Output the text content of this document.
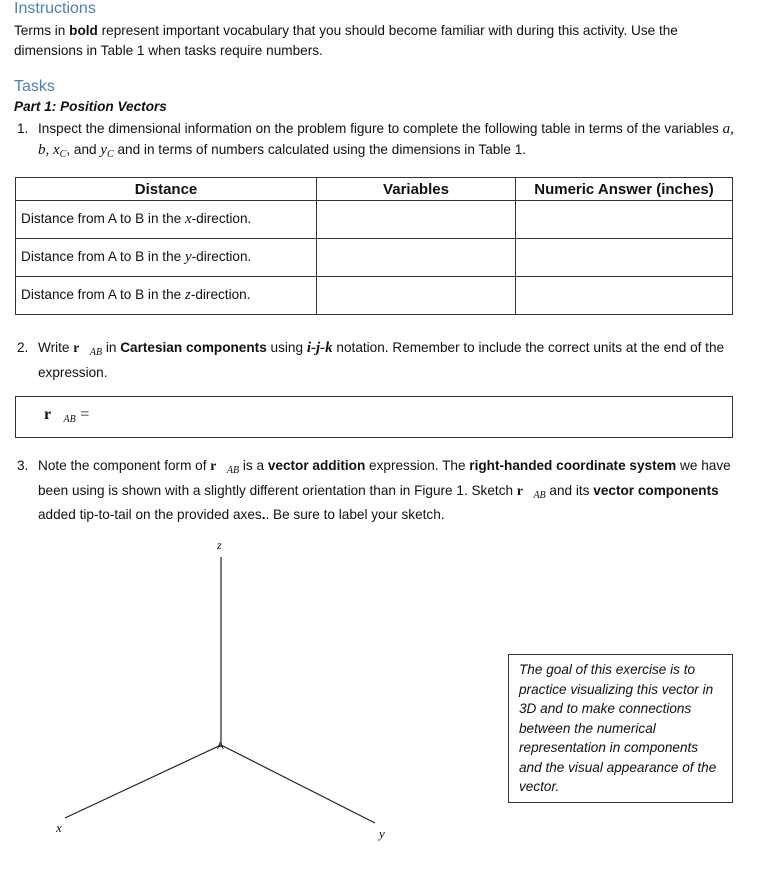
Instructions

Terms in bold represent important vocabulary that you should become familiar with during this activity. Use the dimensions in Table 1 when tasks require numbers.

Tasks

Part 1: Position Vectors

1. Inspect the dimensional information on the problem figure to complete the following table in terms of the variables a, b, $x_C$, and $y_C$ and in terms of numbers calculated using the dimensions in Table 1.

Distance	Variables	Numeric Answer (inches)
Distance from A to B in the x-direction.		
Distance from A to B in the y-direction.		
Distance from A to B in the z-direction.		
2. Write $r⃗_{AB}$ in Cartesian components using i-j-k notation. Remember to include the correct units at the end of the expression.

$r⃗_{AB}$ =
3. Note the component form of $r⃗_{AB}$ is a vector addition expression. The right-handed coordinate system we have been using is shown with a slightly different orientation than in Figure 1. Sketch $r⃗_{AB}$ and its vector components added tip-to-tail on the provided axes.. Be sure to label your sketch.

z
A
x	y
The goal of this exercise is to practice visualizing this vector in 3D and to make connections between the numerical representation in components and the visual appearance of the vector.
